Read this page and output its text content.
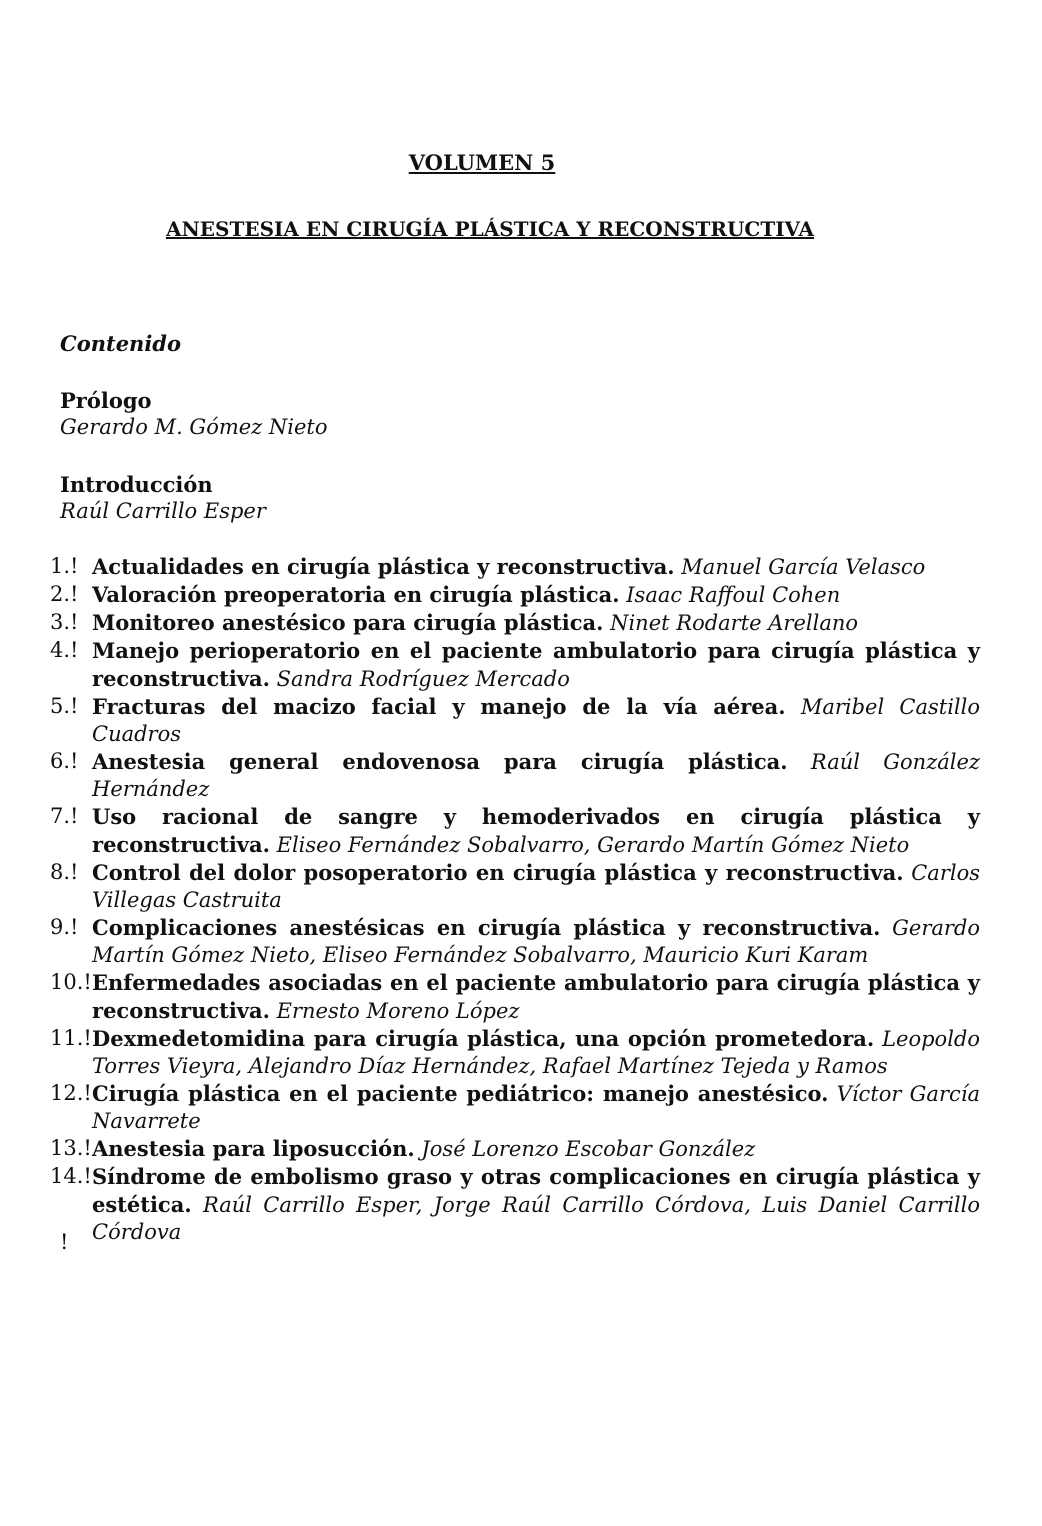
VOLUMEN 5
ANESTESIA EN CIRUGÍA PLÁSTICA Y RECONSTRUCTIVA
Contenido
Prólogo
Gerardo M. Gómez Nieto
Introducción
Raúl Carrillo Esper
1.! Actualidades en cirugía plástica y reconstructiva. Manuel García Velasco
2.! Valoración preoperatoria en cirugía plástica. Isaac Raffoul Cohen
3.! Monitoreo anestésico para cirugía plástica. Ninet Rodarte Arellano
4.! Manejo perioperatorio en el paciente ambulatorio para cirugía plástica y reconstructiva. Sandra Rodríguez Mercado
5.! Fracturas del macizo facial y manejo de la vía aérea. Maribel Castillo Cuadros
6.! Anestesia general endovenosa para cirugía plástica. Raúl González Hernández
7.! Uso racional de sangre y hemoderivados en cirugía plástica y reconstructiva. Eliseo Fernández Sobalvarro, Gerardo Martín Gómez Nieto
8.! Control del dolor posoperatorio en cirugía plástica y reconstructiva. Carlos Villegas Castruita
9.! Complicaciones anestésicas en cirugía plástica y reconstructiva. Gerardo Martín Gómez Nieto, Eliseo Fernández Sobalvarro, Mauricio Kuri Karam
10.! Enfermedades asociadas en el paciente ambulatorio para cirugía plástica y reconstructiva. Ernesto Moreno López
11.! Dexmedetomidina para cirugía plástica, una opción prometedora. Leopoldo Torres Vieyra, Alejandro Díaz Hernández, Rafael Martínez Tejeda y Ramos
12.! Cirugía plástica en el paciente pediátrico: manejo anestésico. Víctor García Navarrete
13.! Anestesia para liposucción. José Lorenzo Escobar González
14.! Síndrome de embolismo graso y otras complicaciones en cirugía plástica y estética. Raúl Carrillo Esper, Jorge Raúl Carrillo Córdova, Luis Daniel Carrillo Córdova
!
